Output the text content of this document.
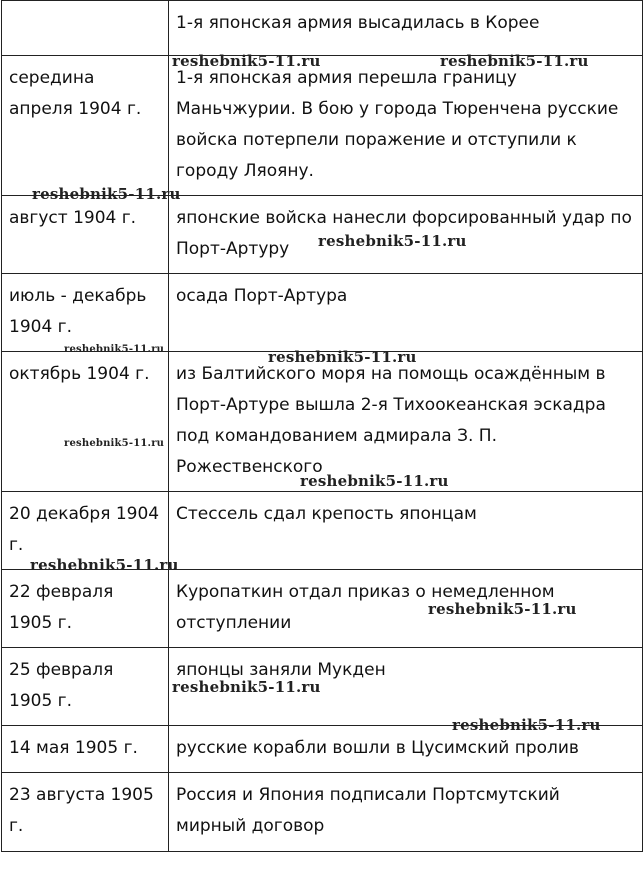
	1-я японская армия высадилась в Корее
середина апреля 1904 г.	1-я японская армия перешла границу Маньчжурии. В бою у города Тюренчена русские войска потерпели поражение и отступили к городу Ляояну.
август 1904 г.	японские войска нанесли форсированный удар по Порт-Артуру
июль - декабрь 1904 г.	осада Порт-Артура
октябрь 1904 г.	из Балтийского моря на помощь осаждённым в Порт-Артуре вышла 2-я Тихоокеанская эскадра под командованием адмирала З. П. Рожественского
20 декабря 1904 г.	Стессель сдал крепость японцам
22 февраля 1905 г.	Куропаткин отдал приказ о немедленном отступлении
25 февраля 1905 г.	японцы заняли Мукден
14 мая 1905 г.	русские корабли вошли в Цусимский пролив
23 августа 1905 г.	Россия и Япония подписали Портсмутский мирный договор
reshebnik5-11.ru	reshebnik5-11.ru
reshebnik5-11.ru
reshebnik5-11.ru
reshebnik5-11.ru	reshebnik5-11.ru
reshebnik5-11.ru
reshebnik5-11.ru
reshebnik5-11.ru
reshebnik5-11.ru
reshebnik5-11.ru
reshebnik5-11.ru
